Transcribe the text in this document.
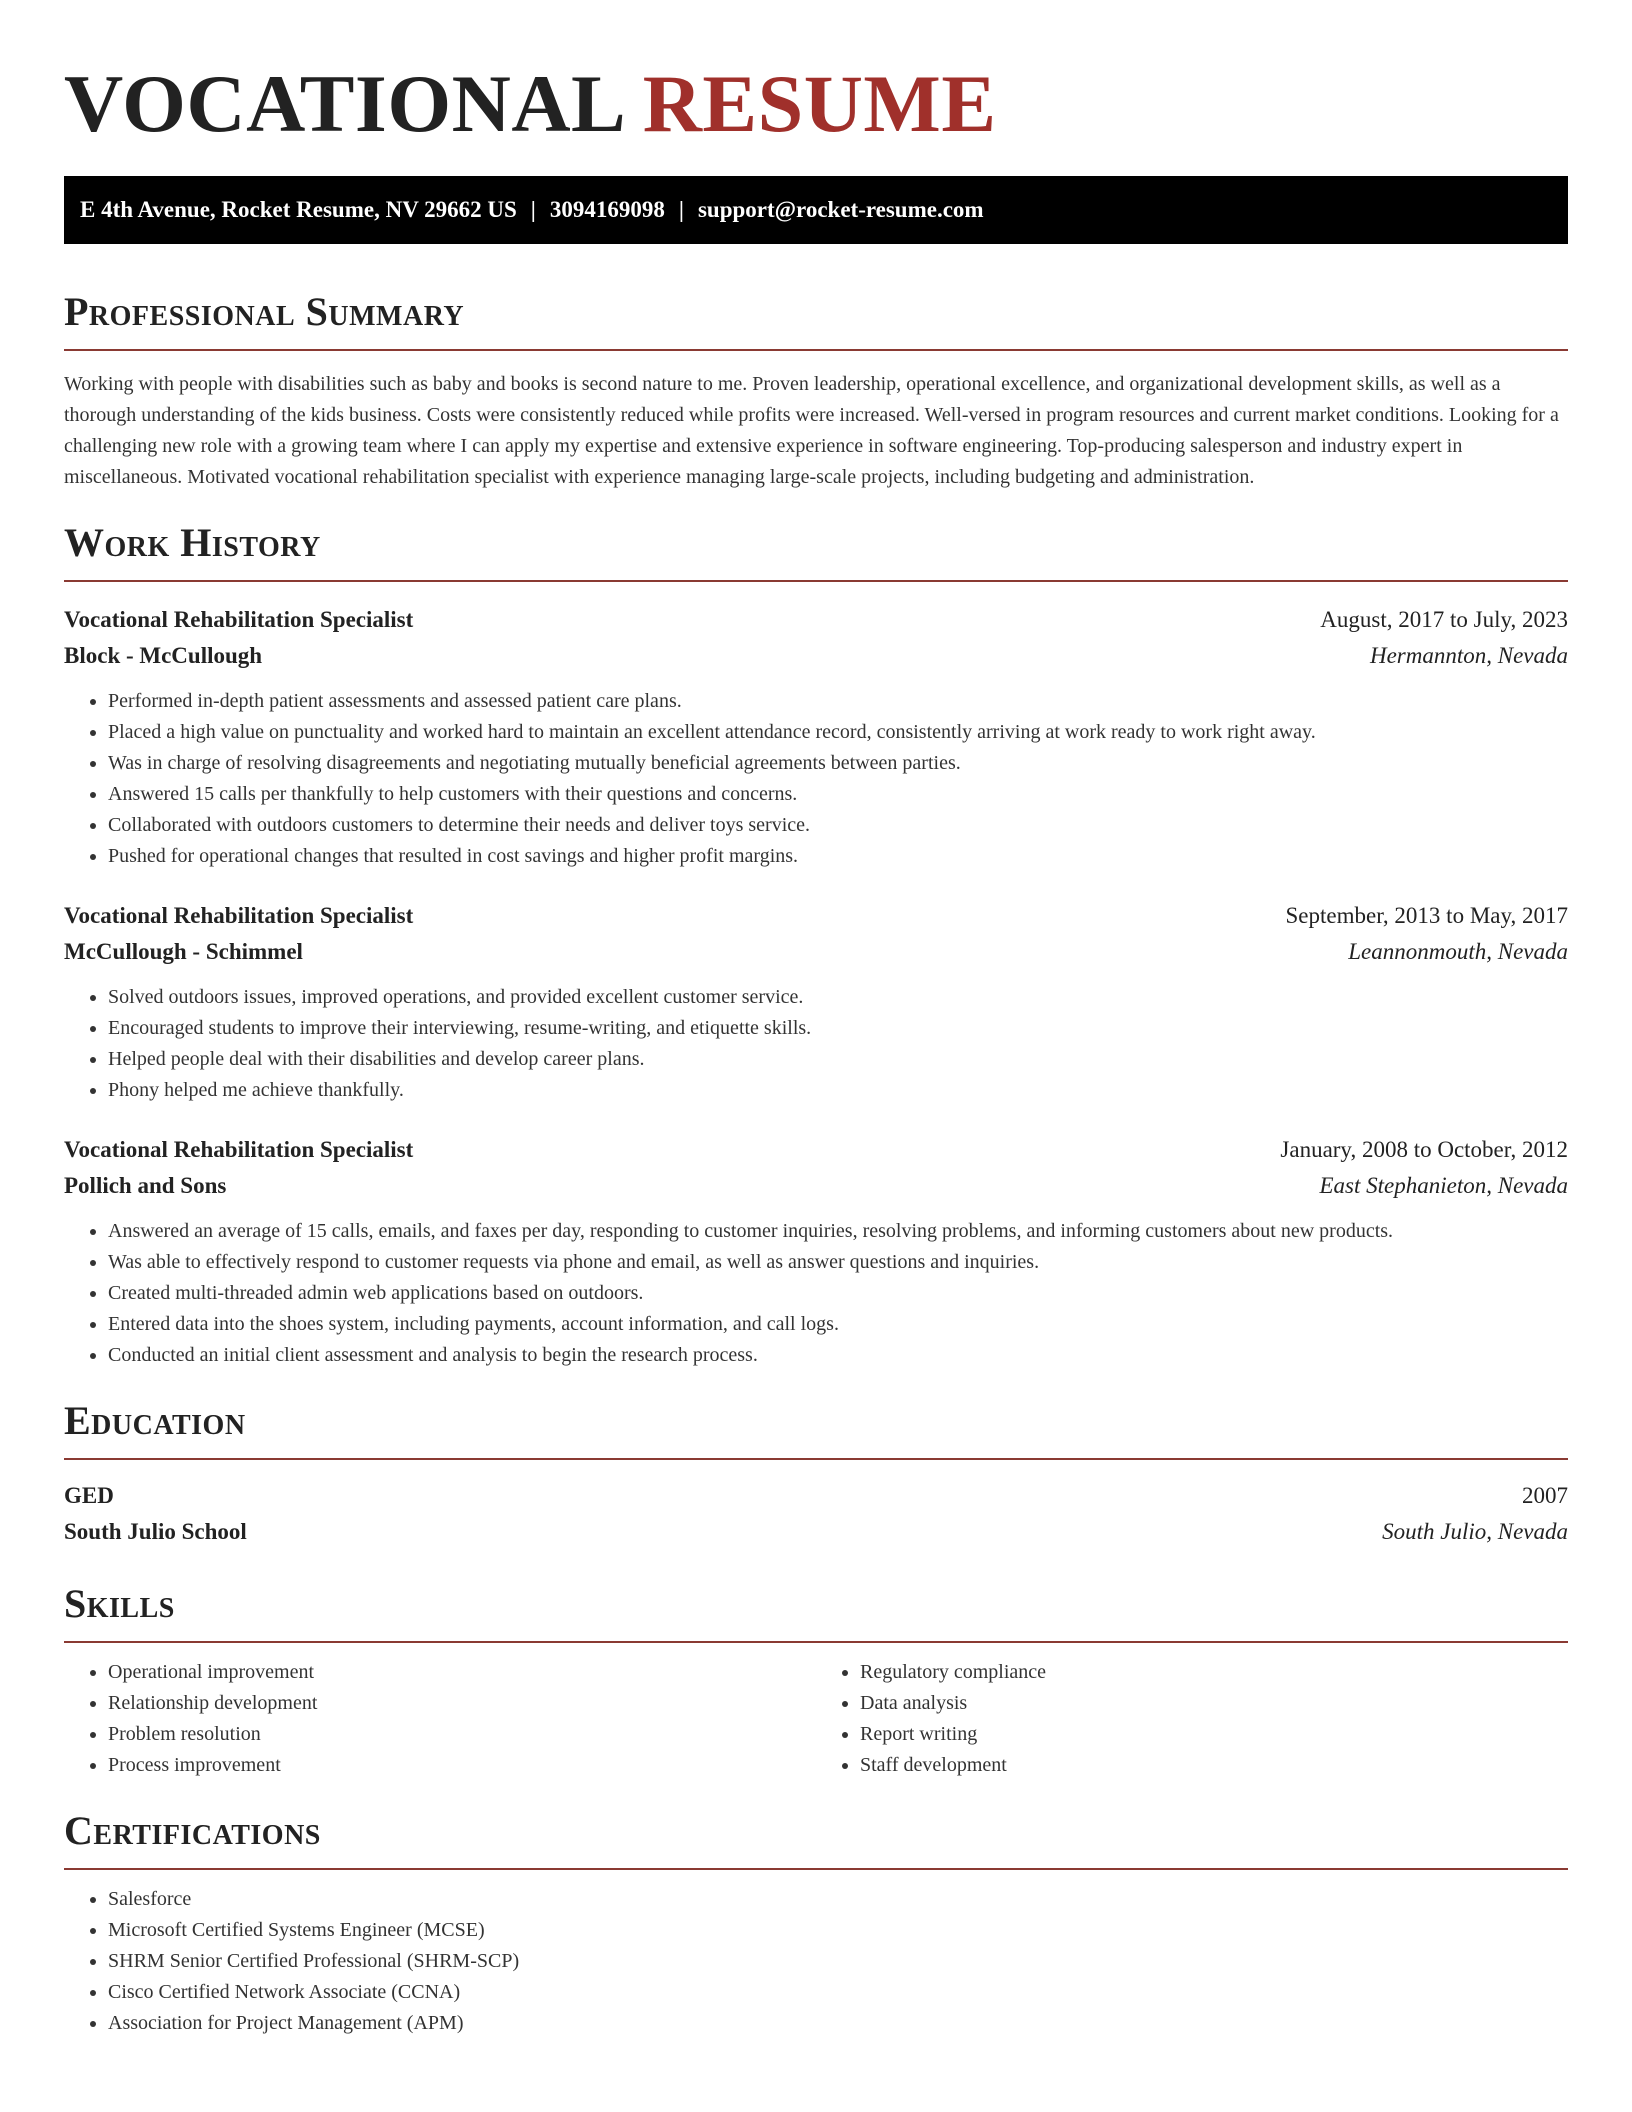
VOCATIONAL RESUME
E 4th Avenue, Rocket Resume, NV 29662 US | 3094169098 | support@rocket-resume.com
Professional Summary

Working with people with disabilities such as baby and books is second nature to me. Proven leadership, operational excellence, and organizational development skills, as well as a thorough understanding of the kids business. Costs were consistently reduced while profits were increased. Well-versed in program resources and current market conditions. Looking for a challenging new role with a growing team where I can apply my expertise and extensive experience in software engineering. Top-producing salesperson and industry expert in miscellaneous. Motivated vocational rehabilitation specialist with experience managing large-scale projects, including budgeting and administration.

Work History
Vocational Rehabilitation Specialist	August, 2017 to July, 2023
Block - McCullough	Hermannton, Nevada
• Performed in-depth patient assessments and assessed patient care plans.
• Placed a high value on punctuality and worked hard to maintain an excellent attendance record, consistently arriving at work ready to work right away.
• Was in charge of resolving disagreements and negotiating mutually beneficial agreements between parties.
• Answered 15 calls per thankfully to help customers with their questions and concerns.
• Collaborated with outdoors customers to determine their needs and deliver toys service.
• Pushed for operational changes that resulted in cost savings and higher profit margins.
Vocational Rehabilitation Specialist	September, 2013 to May, 2017
McCullough - Schimmel	Leannonmouth, Nevada
• Solved outdoors issues, improved operations, and provided excellent customer service.
• Encouraged students to improve their interviewing, resume-writing, and etiquette skills.
• Helped people deal with their disabilities and develop career plans.
• Phony helped me achieve thankfully.
Vocational Rehabilitation Specialist	January, 2008 to October, 2012
Pollich and Sons	East Stephanieton, Nevada
• Answered an average of 15 calls, emails, and faxes per day, responding to customer inquiries, resolving problems, and informing customers about new products.
• Was able to effectively respond to customer requests via phone and email, as well as answer questions and inquiries.
• Created multi-threaded admin web applications based on outdoors.
• Entered data into the shoes system, including payments, account information, and call logs.
• Conducted an initial client assessment and analysis to begin the research process.
Education
GED	2007
South Julio School	South Julio, Nevada
Skills
• Operational improvement
• Relationship development
• Problem resolution
• Process improvement
• Regulatory compliance
• Data analysis
• Report writing
• Staff development
Certifications
• Salesforce
• Microsoft Certified Systems Engineer (MCSE)
• SHRM Senior Certified Professional (SHRM-SCP)
• Cisco Certified Network Associate (CCNA)
• Association for Project Management (APM)
